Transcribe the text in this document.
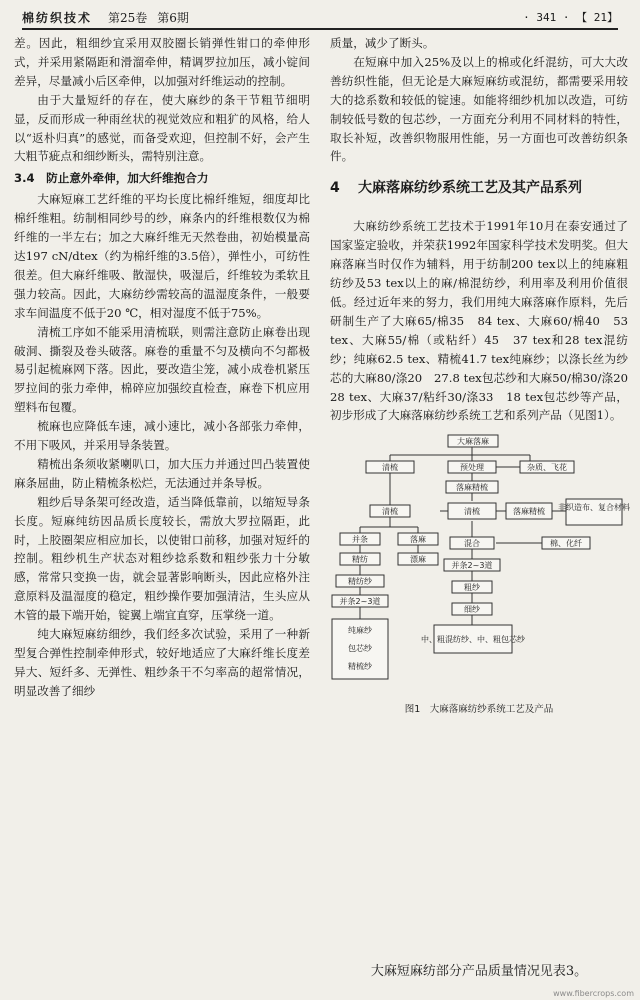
棉纺织技术 第25卷 第6期	· 341 · 【 21】

差。因此，粗细纱宜采用双胶圈长销弹性钳口的牵伸形式，并采用紧隔距和滑溜牵伸，精调罗拉加压，减小锭间差异，尽量减小后区牵伸，以加强对纤维运动的控制。

由于大量短纤的存在，使大麻纱的条干节粗节细明显，反而形成一种雨丝状的视觉效应和粗犷的风格，给人以“返朴归真”的感觉，而备受欢迎，但控制不好，会产生大粗节疵点和细纱断头，需特别注意。

3.4　防止意外牵伸，加大纤维抱合力

大麻短麻工艺纤维的平均长度比棉纤维短，细度却比棉纤维粗。纺制相同纱号的纱，麻条内的纤维根数仅为棉纤维的一半左右；加之大麻纤维无天然卷曲，初始模量高达197 cN/dtex（约为棉纤维的3.5倍），弹性小，可纺性很差。但大麻纤维吸、散湿快，吸湿后，纤维较为柔软且强力较高。因此，大麻纺纱需较高的温湿度条件，一般要求车间温度不低于20 ℃，相对湿度不低于75%。

清梳工序如不能采用清梳联，则需注意防止麻卷出现破洞、撕裂及卷头破落。麻卷的重量不匀及横向不匀都极易引起梳麻网下落。因此，要改造尘笼，减小成卷机紧压罗拉间的张力牵伸，棉碎应加强绞直检查，麻卷下机应用塑料布包覆。

梳麻也应降低车速，减小速比，减小各部张力牵伸，不用下吸风，并采用导条装置。

精梳出条须收紧喇叭口，加大压力并通过凹凸装置使麻条屈曲，防止精梳条松烂，无法通过并条导板。

粗纱后导条架可经改造，适当降低靠前，以缩短导条长度。短麻纯纺因品质长度较长，需放大罗拉隔距，此时，上胶圈架应相应加长，以使钳口前移，加强对短纤的控制。粗纱机生产状态对粗纱捻系数和粗纱张力十分敏感，常常只变换一齿，就会显著影响断头，因此应格外注意原料及温湿度的稳定，粗纱操作要加强清洁，生头应从木管的最下端开始，锭翼上端宜直穿，压掌绕一道。

纯大麻短麻纺细纱，我们经多次试验，采用了一种新型复合弹性控制牵伸形式，较好地适应了大麻纤维长度差异大、短纤多、无弹性、粗纱条干不匀率高的超常情况，明显改善了细纱

质量，减少了断头。

在短麻中加入25%及以上的棉或化纤混纺，可大大改善纺织性能，但无论是大麻短麻纺或混纺，都需要采用较大的捻系数和较低的锭速。如能将细纱机加以改造，可纺制较低号数的包芯纱，一方面充分利用不同材料的特性，取长补短，改善织物服用性能，另一方面也可改善纺织条件。

4	大麻落麻纺纱系统工艺及其产品系列

大麻纺纱系统工艺技术于1991年10月在泰安通过了国家鉴定验收，并荣获1992年国家科学技术发明奖。但大麻落麻当时仅作为辅料，用于纺制200 tex以上的纯麻粗纺纱及53 tex以上的麻/棉混纺纱，利用率及利用价值很低。经过近年来的努力，我们用纯大麻落麻作原料，先后研制生产了大麻65/棉35　84 tex、大麻60/棉40　53 tex、大麻55/棉（或粘纤）45　37 tex和28 tex混纺纱；纯麻62.5 tex、精梳41.7 tex纯麻纱；以涤长丝为纱芯的大麻80/涤20　27.8 tex包芯纱和大麻50/棉30/涤20　28 tex、大麻37/粘纤30/涤33　18 tex包芯纱等产品，初步形成了大麻落麻纺纱系统工艺和系列产品（见图1）。

大麻落麻
清梳	预处理	杂质、飞花
落麻精梳
清梳	清梳	落麻精梳 非织造布、复合材料
并条	落麻
精纺	漂麻
精纺纱
并条2~3道
棉、化纤
混合
并条2~3道
粗纱
细纱
中、粗混纺纱、中、粗包芯纱
纯麻纱
包芯纱
精梳纱
图1　大麻落麻纺纱系统工艺及产品
大麻短麻纺部分产品质量情况见表3。
www.fibercrops.com
